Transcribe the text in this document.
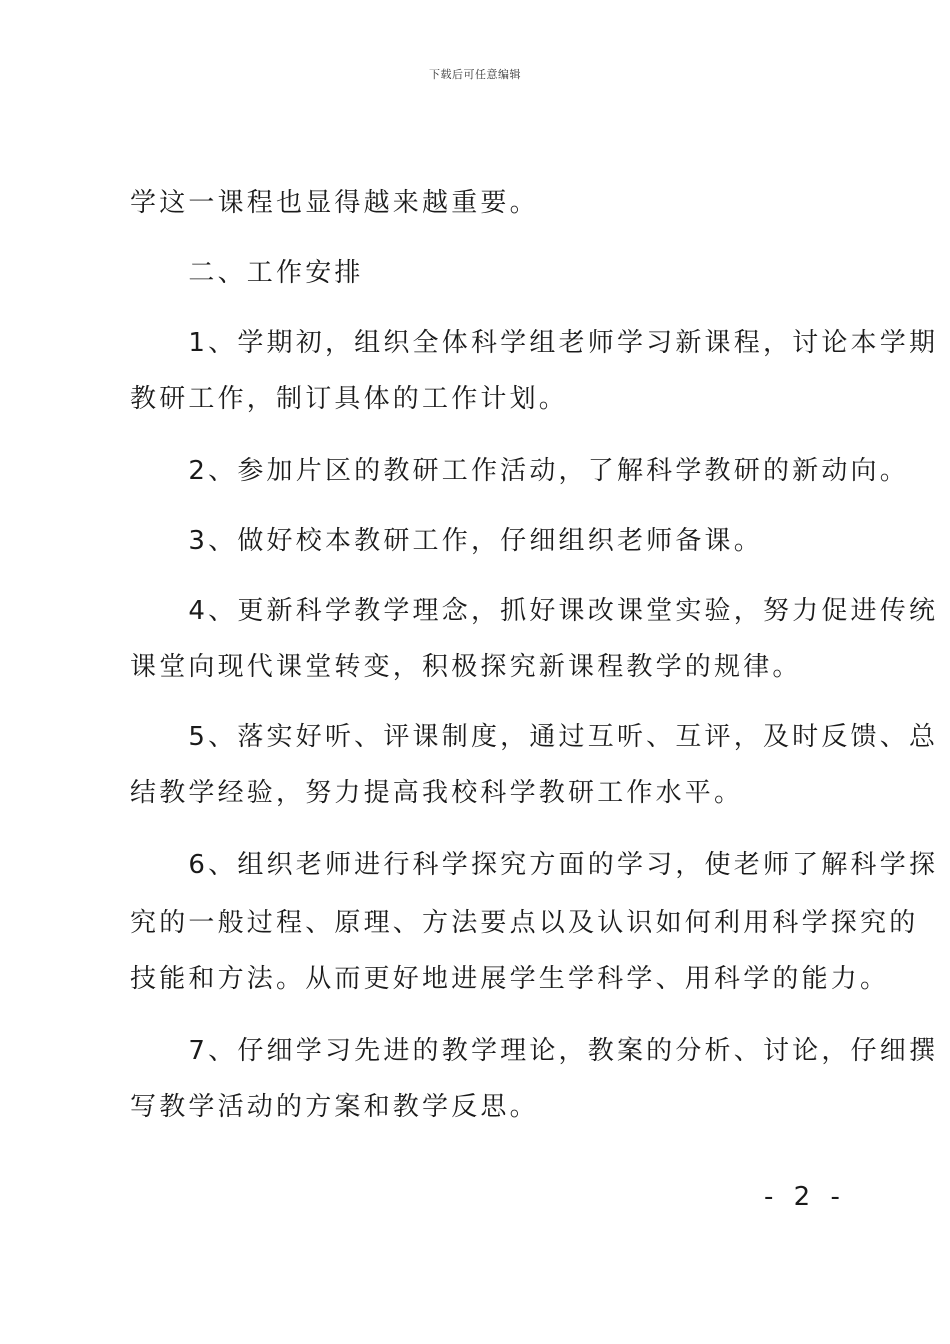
下载后可任意编辑
学这一课程也显得越来越重要。
　　二、工作安排
　　1、学期初，组织全体科学组老师学习新课程，讨论本学期
教研工作，制订具体的工作计划。
　　2、参加片区的教研工作活动，了解科学教研的新动向。
　　3、做好校本教研工作，仔细组织老师备课。
　　4、更新科学教学理念，抓好课改课堂实验，努力促进传统
课堂向现代课堂转变，积极探究新课程教学的规律。
　　5、落实好听、评课制度，通过互听、互评，及时反馈、总
结教学经验，努力提高我校科学教研工作水平。
　　6、组织老师进行科学探究方面的学习，使老师了解科学探
究的一般过程、原理、方法要点以及认识如何利用科学探究的
技能和方法。从而更好地进展学生学科学、用科学的能力。
　　7、仔细学习先进的教学理论，教案的分析、讨论，仔细撰
写教学活动的方案和教学反思。
- 2 -
